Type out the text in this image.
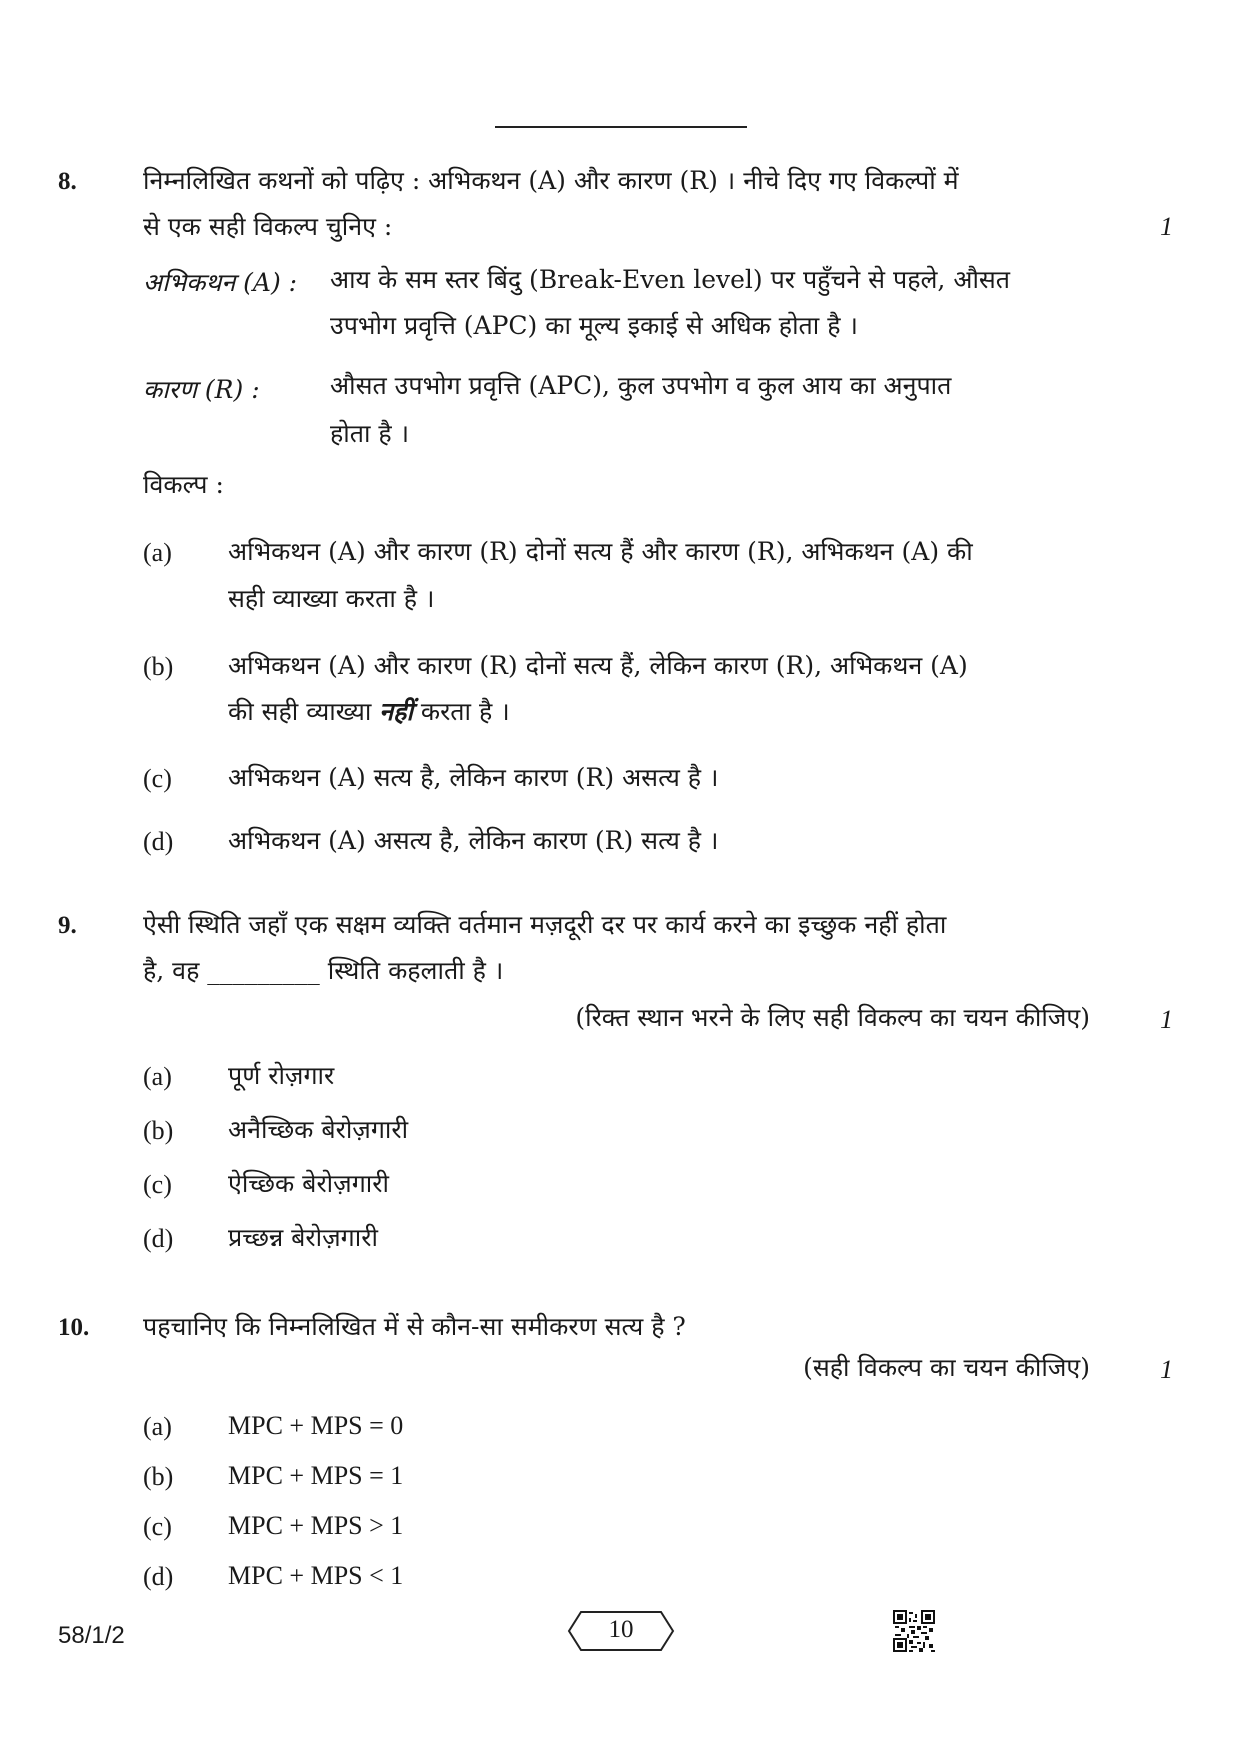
8.	निम्नलिखित कथनों को पढ़िए : अभिकथन (A) और कारण (R) । नीचे दिए गए विकल्पों में
से एक सही विकल्प चुनिए :	1
अभिकथन (A) : आय के सम स्तर बिंदु (Break-Even level) पर पहुँचने से पहले, औसत
उपभोग प्रवृत्ति (APC) का मूल्य इकाई से अधिक होता है ।
कारण (R) :	औसत उपभोग प्रवृत्ति (APC), कुल उपभोग व कुल आय का अनुपात
होता है ।
विकल्प :
(a) अभिकथन (A) और कारण (R) दोनों सत्य हैं और कारण (R), अभिकथन (A) की
सही व्याख्या करता है ।
(b) अभिकथन (A) और कारण (R) दोनों सत्य हैं, लेकिन कारण (R), अभिकथन (A)
की सही व्याख्या नहीं करता है ।
(c) अभिकथन (A) सत्य है, लेकिन कारण (R) असत्य है ।
(d) अभिकथन (A) असत्य है, लेकिन कारण (R) सत्य है ।
9.	ऐसी स्थिति जहाँ एक सक्षम व्यक्ति वर्तमान मज़दूरी दर पर कार्य करने का इच्छुक नहीं होता
है, वह _________ स्थिति कहलाती है ।
(रिक्त स्थान भरने के लिए सही विकल्प का चयन कीजिए)	1
(a) पूर्ण रोज़गार
(b) अनैच्छिक बेरोज़गारी
(c) ऐच्छिक बेरोज़गारी
(d) प्रच्छन्न बेरोज़गारी
10. पहचानिए कि निम्नलिखित में से कौन-सा समीकरण सत्य है ?
(सही विकल्प का चयन कीजिए)	1
(a) MPC + MPS = 0
(b) MPC + MPS = 1
(c) MPC + MPS > 1
(d) MPC + MPS < 1
58/1/2	10
